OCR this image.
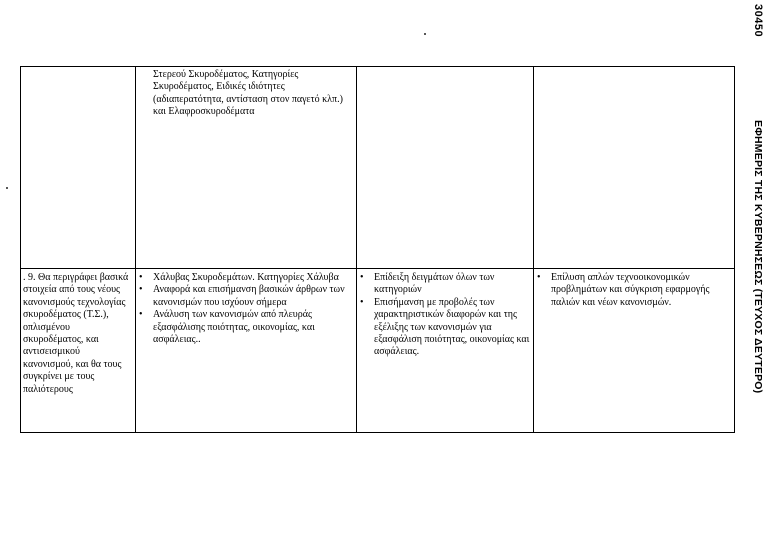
30450
ΕΦΗΜΕΡΙΣ ΤΗΣ ΚΥΒΕΡΝΗΣΕΩΣ (ΤΕΥΧΟΣ ΔΕΥΤΕΡΟ)

Στερεού Σκυροδέματος, Κατηγορίες Σκυροδέματος, Ειδικές ιδιότητες (αδιαπερατότητα, αντίσταση στον παγετό κλπ.) και Ελαφροσκυροδέματα

. 9. Θα περιγράφει βασικά στοιχεία από τους νέους κανονισμούς τεχνολογίας σκυροδέματος (Τ.Σ.), οπλισμένου σκυροδέματος, και αντισεισμικού κανονισμού, και θα τους συγκρίνει με τους παλιότερους

• Χάλυβας Σκυροδεμάτων. Κατηγορίες Χάλυβα
• Αναφορά και επισήμανση βασικών άρθρων των κανονισμών που ισχύουν σήμερα
• Ανάλυση των κανονισμών από πλευράς εξασφάλισης ποιότητας, οικονομίας, και ασφάλειας..
• Επίδειξη δειγμάτων όλων των κατηγοριών
• Επισήμανση με προβολές των χαρακτηριστικών διαφορών και της εξέλιξης των κανονισμών για εξασφάλιση ποιότητας, οικονομίας και ασφάλειας.
• Επίλυση απλών τεχνοοικονομικών προβλημάτων και σύγκριση εφαρμογής παλιών και νέων κανονισμών.
